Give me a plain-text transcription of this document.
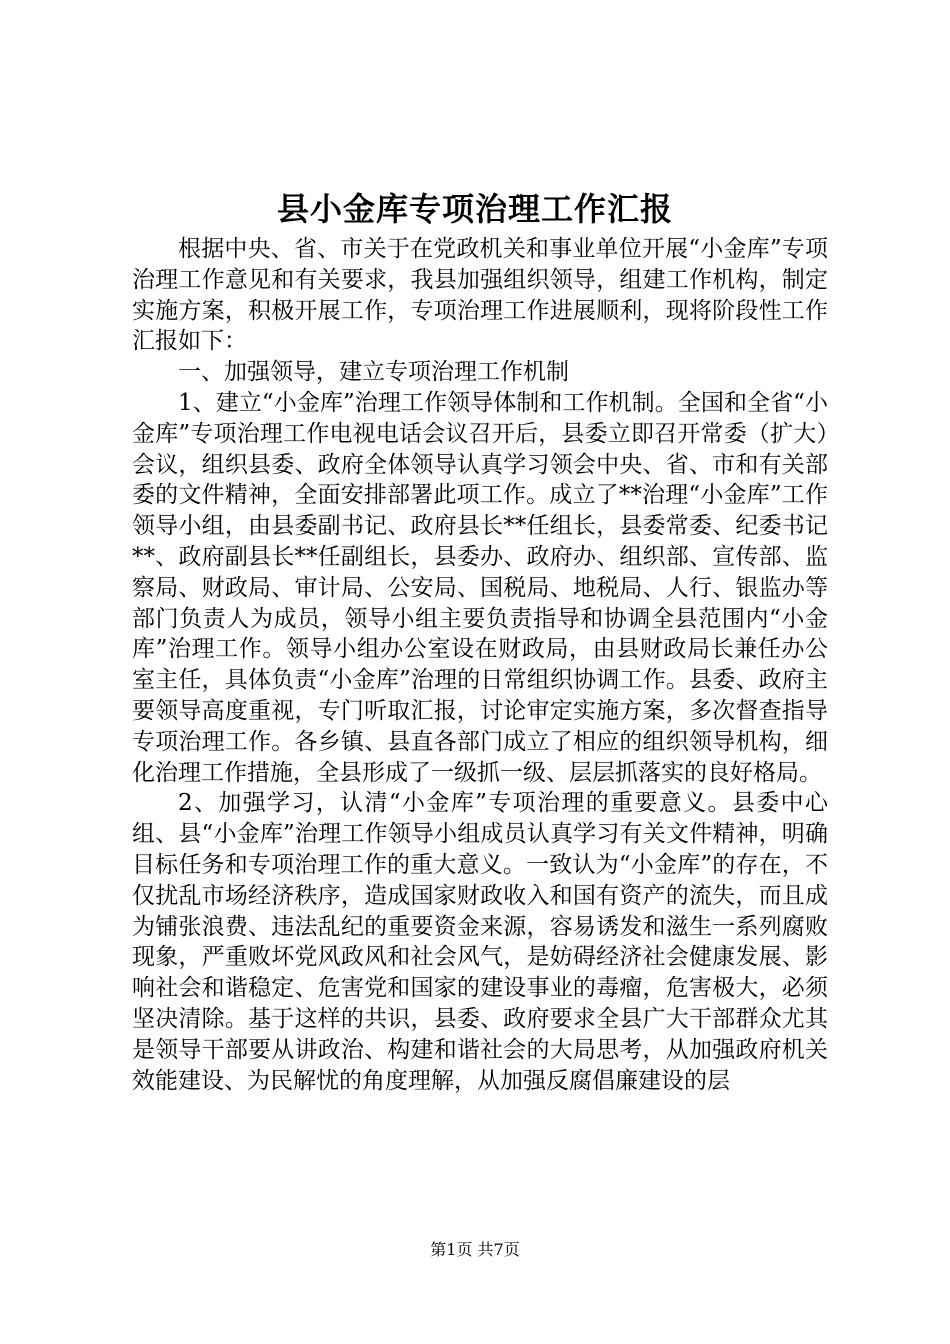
县小金库专项治理工作汇报

根据中央、省、市关于在党政机关和事业单位开展“小金库”专项治理工作意见和有关要求，我县加强组织领导，组建工作机构，制定实施方案，积极开展工作，专项治理工作进展顺利，现将阶段性工作汇报如下：

一、加强领导，建立专项治理工作机制

1、建立“小金库”治理工作领导体制和工作机制。全国和全省“小金库”专项治理工作电视电话会议召开后，县委立即召开常委（扩大）会议，组织县委、政府全体领导认真学习领会中央、省、市和有关部委的文件精神，全面安排部署此项工作。成立了**治理“小金库”工作领导小组，由县委副书记、政府县长**任组长，县委常委、纪委书记**、政府副县长**任副组长，县委办、政府办、组织部、宣传部、监察局、财政局、审计局、公安局、国税局、地税局、人行、银监办等部门负责人为成员，领导小组主要负责指导和协调全县范围内“小金库”治理工作。领导小组办公室设在财政局，由县财政局长兼任办公室主任，具体负责“小金库”治理的日常组织协调工作。县委、政府主要领导高度重视，专门听取汇报，讨论审定实施方案，多次督查指导专项治理工作。各乡镇、县直各部门成立了相应的组织领导机构，细化治理工作措施，全县形成了一级抓一级、层层抓落实的良好格局。

2、加强学习，认清“小金库”专项治理的重要意义。县委中心组、县“小金库”治理工作领导小组成员认真学习有关文件精神，明确目标任务和专项治理工作的重大意义。一致认为“小金库”的存在，不仅扰乱市场经济秩序，造成国家财政收入和国有资产的流失，而且成为铺张浪费、违法乱纪的重要资金来源，容易诱发和滋生一系列腐败现象，严重败坏党风政风和社会风气，是妨碍经济社会健康发展、影响社会和谐稳定、危害党和国家的建设事业的毒瘤，危害极大，必须坚决清除。基于这样的共识，县委、政府要求全县广大干部群众尤其是领导干部要从讲政治、构建和谐社会的大局思考，从加强政府机关效能建设、为民解忧的角度理解，从加强反腐倡廉建设的层

第1页 共7页
